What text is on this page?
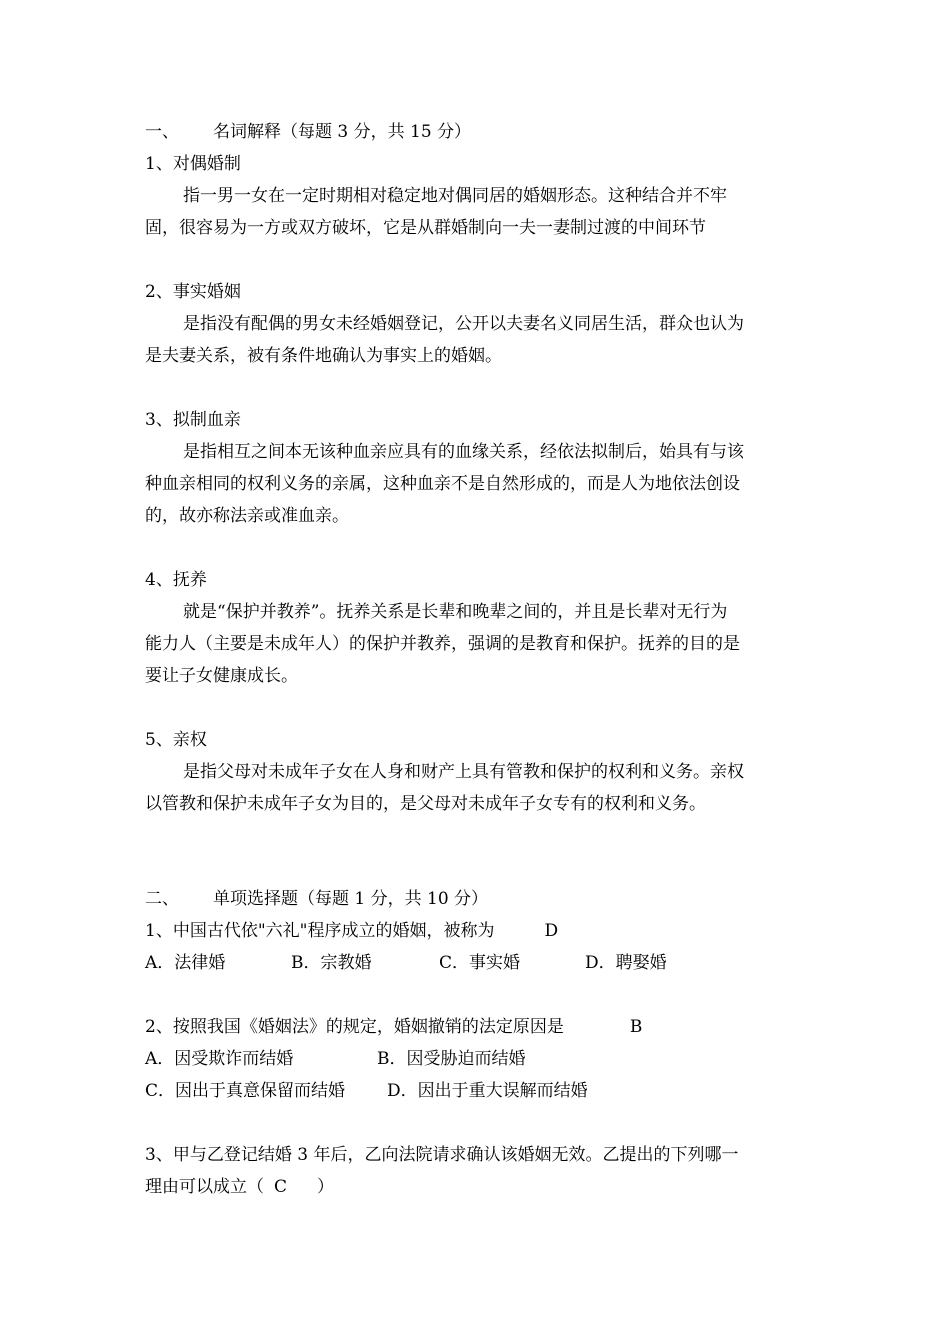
一、 名词解释（每题 3 分，共 15 分）
1、对偶婚制
指一男一女在一定时期相对稳定地对偶同居的婚姻形态。这种结合并不牢
固，很容易为一方或双方破坏，它是从群婚制向一夫一妻制过渡的中间环节
2、事实婚姻
是指没有配偶的男女未经婚姻登记，公开以夫妻名义同居生活，群众也认为
是夫妻关系，被有条件地确认为事实上的婚姻。
3、拟制血亲
是指相互之间本无该种血亲应具有的血缘关系，经依法拟制后，始具有与该
种血亲相同的权利义务的亲属，这种血亲不是自然形成的，而是人为地依法创设
的，故亦称法亲或准血亲。
4、抚养
就是“保护并教养”。抚养关系是长辈和晚辈之间的，并且是长辈对无行为
能力人（主要是未成年人）的保护并教养，强调的是教育和保护。抚养的目的是
要让子女健康成长。
5、亲权
是指父母对未成年子女在人身和财产上具有管教和保护的权利和义务。亲权
以管教和保护未成年子女为目的，是父母对未成年子女专有的权利和义务。
二、 单项选择题（每题 1 分，共 10 分）
1、中国古代依"六礼"程序成立的婚姻，被称为	D
A．法律婚	B．宗教婚	C．事实婚	D．聘娶婚
2、按照我国《婚姻法》的规定，婚姻撤销的法定原因是	B
A．因受欺诈而结婚	B．因受胁迫而结婚
C．因出于真意保留而结婚 D．因出于重大误解而结婚
3、甲与乙登记结婚 3 年后，乙向法院请求确认该婚姻无效。乙提出的下列哪一
理由可以成立（ C ）
